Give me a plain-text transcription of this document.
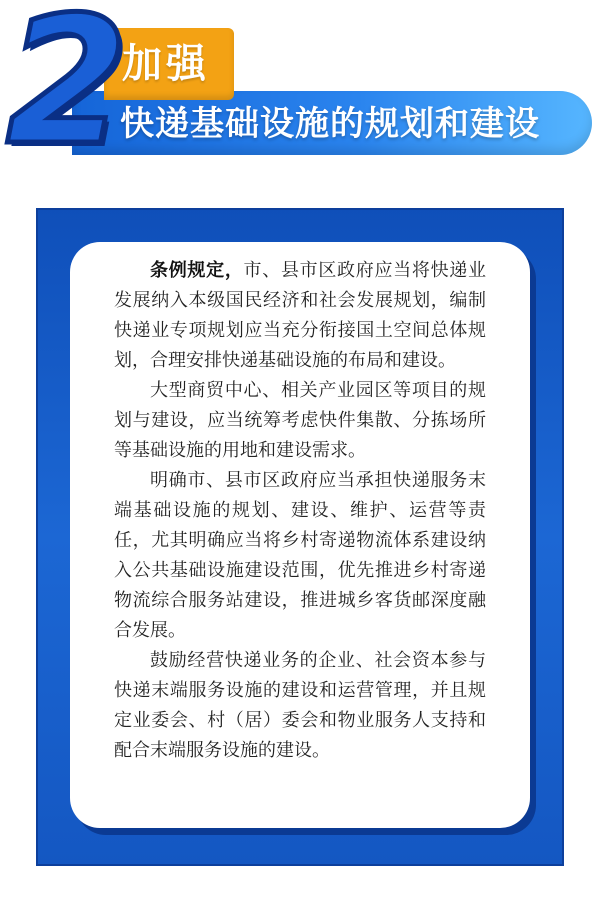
快递基础设施的规划和建设
加强
2

条例规定，市、县市区政府应当将快递业发展纳入本级国民经济和社会发展规划，编制快递业专项规划应当充分衔接国土空间总体规划，合理安排快递基础设施的布局和建设。

大型商贸中心、相关产业园区等项目的规划与建设，应当统筹考虑快件集散、分拣场所等基础设施的用地和建设需求。

明确市、县市区政府应当承担快递服务末端基础设施的规划、建设、维护、运营等责任，尤其明确应当将乡村寄递物流体系建设纳入公共基础设施建设范围，优先推进乡村寄递物流综合服务站建设，推进城乡客货邮深度融合发展。

鼓励经营快递业务的企业、社会资本参与快递末端服务设施的建设和运营管理，并且规定业委会、村（居）委会和物业服务人支持和配合末端服务设施的建设。
